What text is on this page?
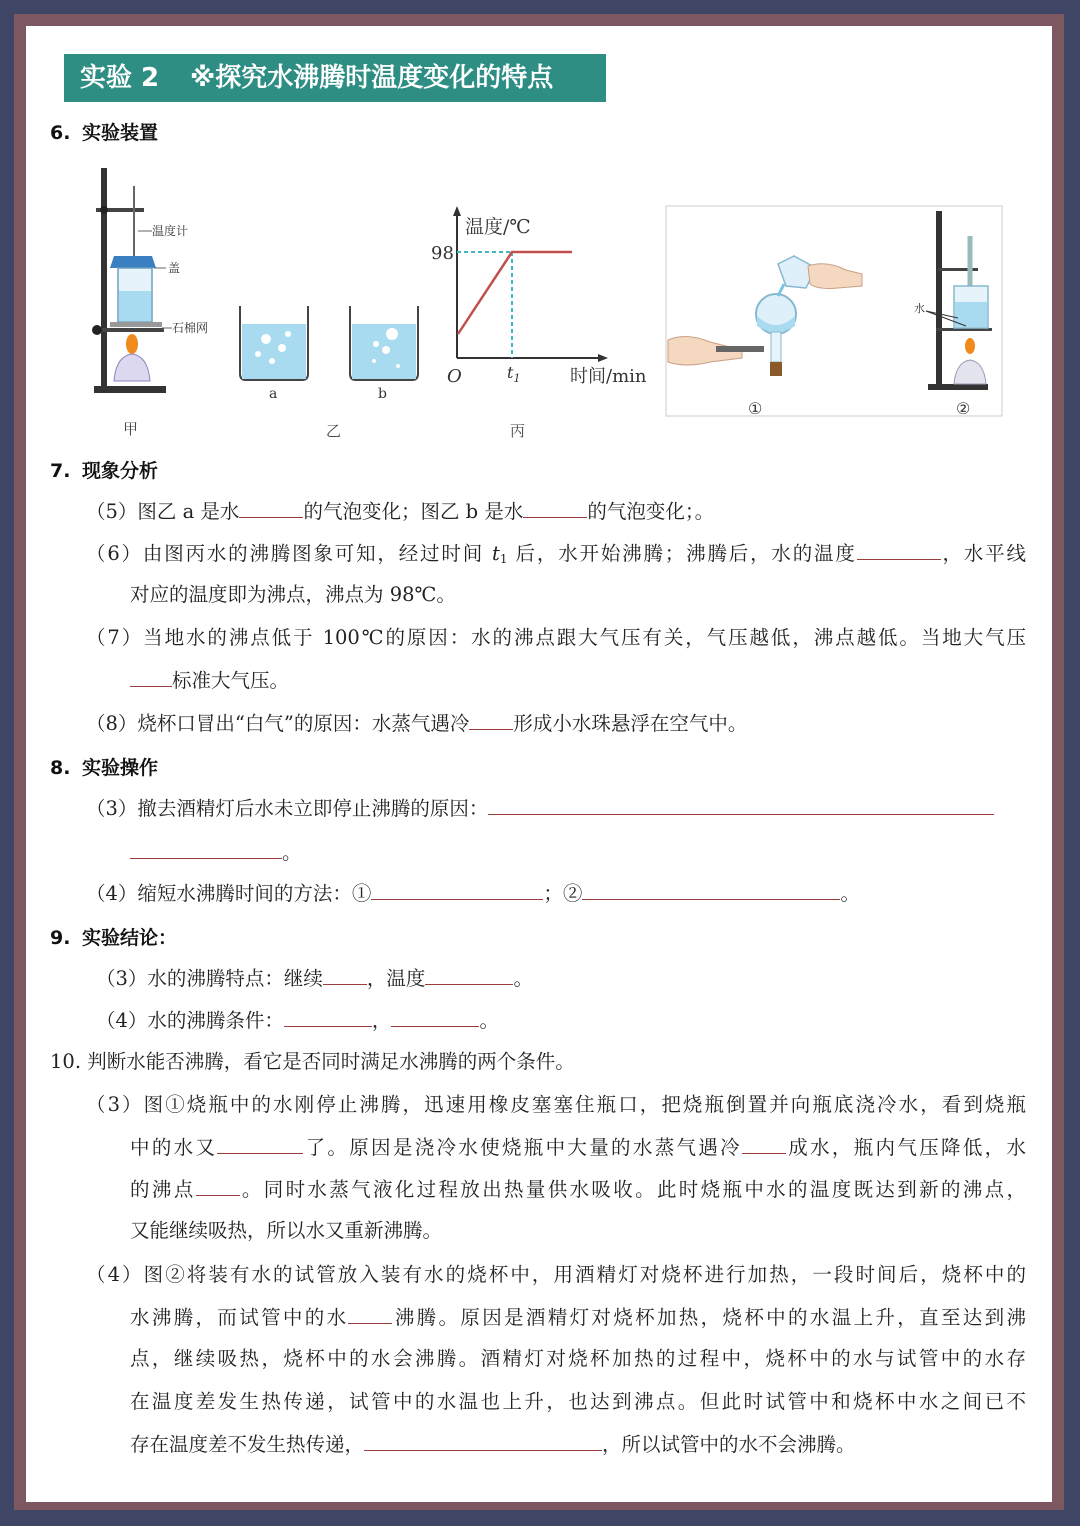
实验 2 ※探究水沸腾时温度变化的特点
6. 实验装置
温度计
盖
石棉网
甲
a	b
乙
温度/℃
98
O	$t_1$	时间/min
丙
①
水
②
7. 现象分析
（5）图乙 a 是水	的气泡变化；图乙 b 是水	的气泡变化；。
（6）由图丙水的沸腾图象可知，经过时间 $t_1$ 后，水开始沸腾；沸腾后，水的温度	，水平线
对应的温度即为沸点，沸点为 98℃。
（7）当地水的沸点低于 100℃的原因：水的沸点跟大气压有关，气压越低，沸点越低。当地大气压
标准大气压。
（8）烧杯口冒出“白气”的原因：水蒸气遇冷 形成小水珠悬浮在空气中。
8. 实验操作
（3）撤去酒精灯后水未立即停止沸腾的原因：
。
（4）缩短水沸腾时间的方法：①	；②	。
9. 实验结论：
（3）水的沸腾特点：继续 ，温度	。
（4）水的沸腾条件：	，	。
10. 判断水能否沸腾，看它是否同时满足水沸腾的两个条件。
（3）图①烧瓶中的水刚停止沸腾，迅速用橡皮塞塞住瓶口，把烧瓶倒置并向瓶底浇冷水，看到烧瓶
中的水又	了。原因是浇冷水使烧瓶中大量的水蒸气遇冷 成水，瓶内气压降低，水
的沸点 。同时水蒸气液化过程放出热量供水吸收。此时烧瓶中水的温度既达到新的沸点，
又能继续吸热，所以水又重新沸腾。
（4）图②将装有水的试管放入装有水的烧杯中，用酒精灯对烧杯进行加热，一段时间后，烧杯中的
水沸腾，而试管中的水 沸腾。原因是酒精灯对烧杯加热，烧杯中的水温上升，直至达到沸
点，继续吸热，烧杯中的水会沸腾。酒精灯对烧杯加热的过程中，烧杯中的水与试管中的水存
在温度差发生热传递，试管中的水温也上升，也达到沸点。但此时试管中和烧杯中水之间已不
存在温度差不发生热传递，	，所以试管中的水不会沸腾。
